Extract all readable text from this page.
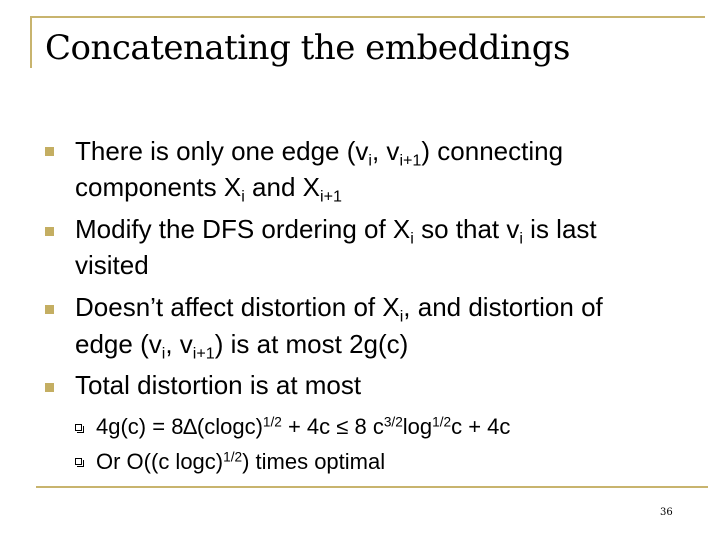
Concatenating the embeddings
There is only one edge ($v_i$, $v_{i+1}$) connecting
components $X_i$ and $X_{i+1}$
Modify the DFS ordering of $X_i$ so that $v_i$ is last
visited
Doesn’t affect distortion of $X_i$, and distortion of
edge ($v_i$, $v_{i+1}$) is at most 2g(c)
Total distortion is at most
$4g(c) = 8\Delta(clogc)^{1/2} + 4c \le 8$ $c^{3/2}\log^{1/2}c + 4c$
Or O((c logc)$^{1/2}$) times optimal
36
